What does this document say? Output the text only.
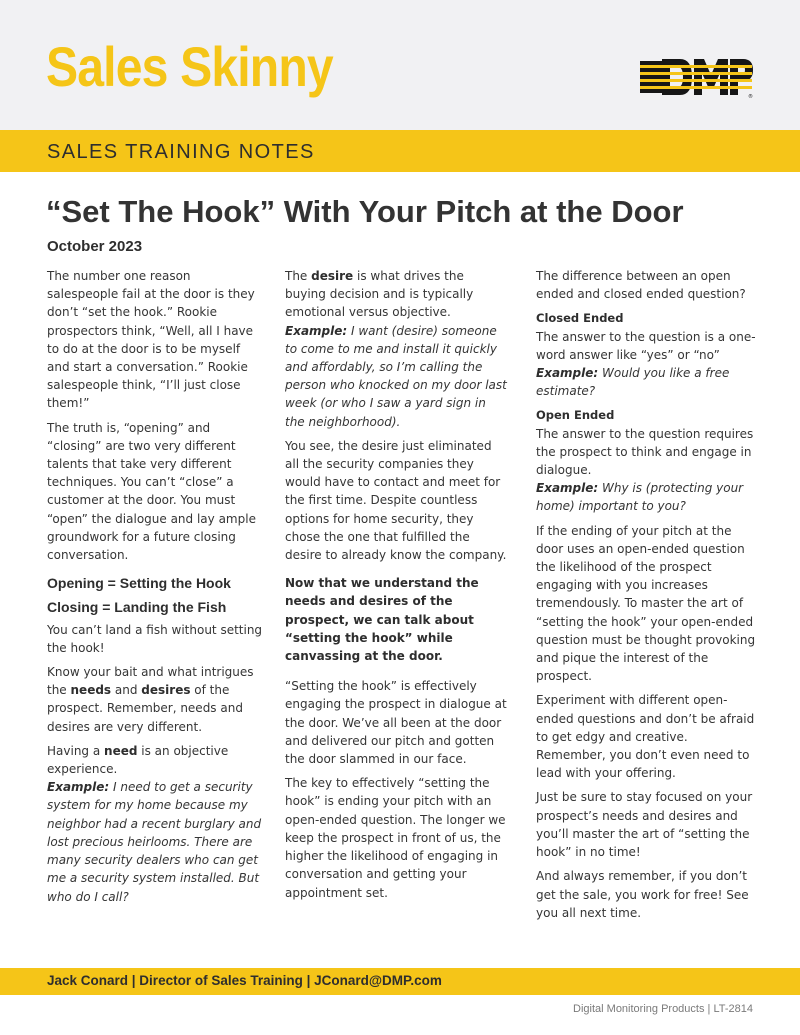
Sales Skinny	®
SALES TRAINING NOTES
“Set The Hook” With Your Pitch at the Door
October 2023

The number one reason salespeople fail at the door is they don’t “set the hook.” Rookie prospectors think, “Well, all I have to do at the door is to be myself and start a conversation.” Rookie salespeople think, “I’ll just close them!”

The truth is, “opening” and “closing” are two very different talents that take very different techniques. You can’t “close” a customer at the door. You must “open” the dialogue and lay ample groundwork for a future closing conversation.

Opening = Setting the Hook
Closing = Landing the Fish

You can’t land a fish without setting the hook!

Know your bait and what intrigues the needs and desires of the prospect. Remember, needs and desires are very different.

Having a need is an objective experience.
Example: I need to get a security system for my home because my neighbor had a recent burglary and lost precious heirlooms. There are many security dealers who can get me a security system installed. But who do I call?

The desire is what drives the buying decision and is typically emotional versus objective.
Example: I want (desire) someone to come to me and install it quickly and affordably, so I’m calling the person who knocked on my door last week (or who I saw a yard sign in the neighborhood).

You see, the desire just eliminated all the security companies they would have to contact and meet for the first time. Despite countless options for home security, they chose the one that fulfilled the desire to already know the company.

Now that we understand the needs and desires of the prospect, we can talk about “setting the hook” while canvassing at the door.

“Setting the hook” is effectively engaging the prospect in dialogue at the door. We’ve all been at the door and delivered our pitch and gotten the door slammed in our face.

The key to effectively “setting the hook” is ending your pitch with an open-ended question. The longer we keep the prospect in front of us, the higher the likelihood of engaging in conversation and getting your appointment set.

The difference between an open ended and closed ended question?

Closed Ended

The answer to the question is a one-word answer like “yes” or “no”
Example: Would you like a free estimate?

Open Ended

The answer to the question requires the prospect to think and engage in dialogue.
Example: Why is (protecting your home) important to you?

If the ending of your pitch at the door uses an open-ended question the likelihood of the prospect engaging with you increases tremendously. To master the art of “setting the hook” your open-ended question must be thought provoking and pique the interest of the prospect.

Experiment with different open-ended questions and don’t be afraid to get edgy and creative. Remember, you don’t even need to lead with your offering.

Just be sure to stay focused on your prospect’s needs and desires and you’ll master the art of “setting the hook” in no time!

And always remember, if you don’t get the sale, you work for free! See you all next time.

Jack Conard | Director of Sales Training | JConard@DMP.com
Digital Monitoring Products | LT-2814
